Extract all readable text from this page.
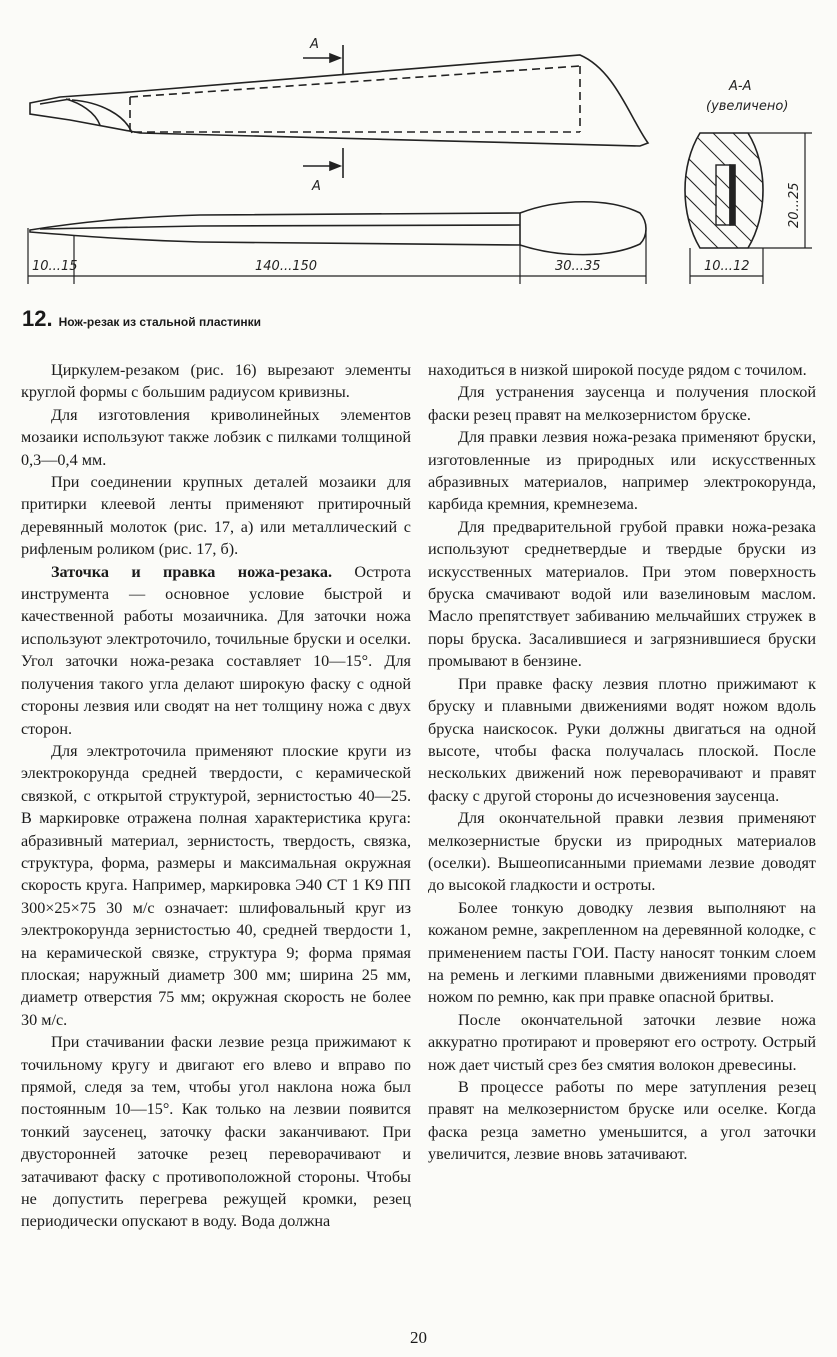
A
A
10...15	140...150	30...35	10...12
20...25
А-А
(увеличено)
12. Нож-резак из стальной пластинки

Циркулем-резаком (рис. 16) вырезают элементы круглой формы с большим радиусом кривизны.

Для изготовления криволинейных элементов мозаики используют также лобзик с пилками толщиной 0,3—0,4 мм.

При соединении крупных деталей мозаики для притирки клеевой ленты применяют притирочный деревянный молоток (рис. 17, а) или металлический с рифленым роликом (рис. 17, б).

Заточка и правка ножа-резака. Острота инструмента — основное условие быстрой и качественной работы мозаичника. Для заточки ножа используют электроточило, точильные бруски и оселки. Угол заточки ножа-резака составляет 10—15°. Для получения такого угла делают широкую фаску с одной стороны лезвия или сводят на нет толщину ножа с двух сторон.

Для электроточила применяют плоские круги из электрокорунда средней твердости, с керамической связкой, с открытой структурой, зернистостью 40—25. В маркировке отражена полная характеристика круга: абразивный материал, зернистость, твердость, связка, структура, форма, размеры и максимальная окружная скорость круга. Например, маркировка Э40 СТ 1 К9 ПП 300×25×75 30 м/с означает: шлифовальный круг из электрокорунда зернистостью 40, средней твердости 1, на керамической связке, структура 9; форма прямая плоская; наружный диаметр 300 мм; ширина 25 мм, диаметр отверстия 75 мм; окружная скорость не более 30 м/с.

При стачивании фаски лезвие резца прижимают к точильному кругу и двигают его влево и вправо по прямой, следя за тем, чтобы угол наклона ножа был постоянным 10—15°. Как только на лезвии появится тонкий заусенец, заточку фаски заканчивают. При двусторонней заточке резец переворачивают и затачивают фаску с противоположной стороны. Чтобы не допустить перегрева режущей кромки, резец периодически опускают в воду. Вода должна

находиться в низкой широкой посуде рядом с точилом.

Для устранения заусенца и получения плоской фаски резец правят на мелкозернистом бруске.

Для правки лезвия ножа-резака применяют бруски, изготовленные из природных или искусственных абразивных материалов, например электрокорунда, карбида кремния, кремнезема.

Для предварительной грубой правки ножа-резака используют среднетвердые и твердые бруски из искусственных материалов. При этом поверхность бруска смачивают водой или вазелиновым маслом. Масло препятствует забиванию мельчайших стружек в поры бруска. Засалившиеся и загрязнившиеся бруски промывают в бензине.

При правке фаску лезвия плотно прижимают к бруску и плавными движениями водят ножом вдоль бруска наискосок. Руки должны двигаться на одной высоте, чтобы фаска получалась плоской. После нескольких движений нож переворачивают и правят фаску с другой стороны до исчезновения заусенца.

Для окончательной правки лезвия применяют мелкозернистые бруски из природных материалов (оселки). Вышеописанными приемами лезвие доводят до высокой гладкости и остроты.

Более тонкую доводку лезвия выполняют на кожаном ремне, закрепленном на деревянной колодке, с применением пасты ГОИ. Пасту наносят тонким слоем на ремень и легкими плавными движениями проводят ножом по ремню, как при правке опасной бритвы.

После окончательной заточки лезвие ножа аккуратно протирают и проверяют его остроту. Острый нож дает чистый срез без смятия волокон древесины.

В процессе работы по мере затупления резец правят на мелкозернистом бруске или оселке. Когда фаска резца заметно уменьшится, а угол заточки увеличится, лезвие вновь затачивают.

20
